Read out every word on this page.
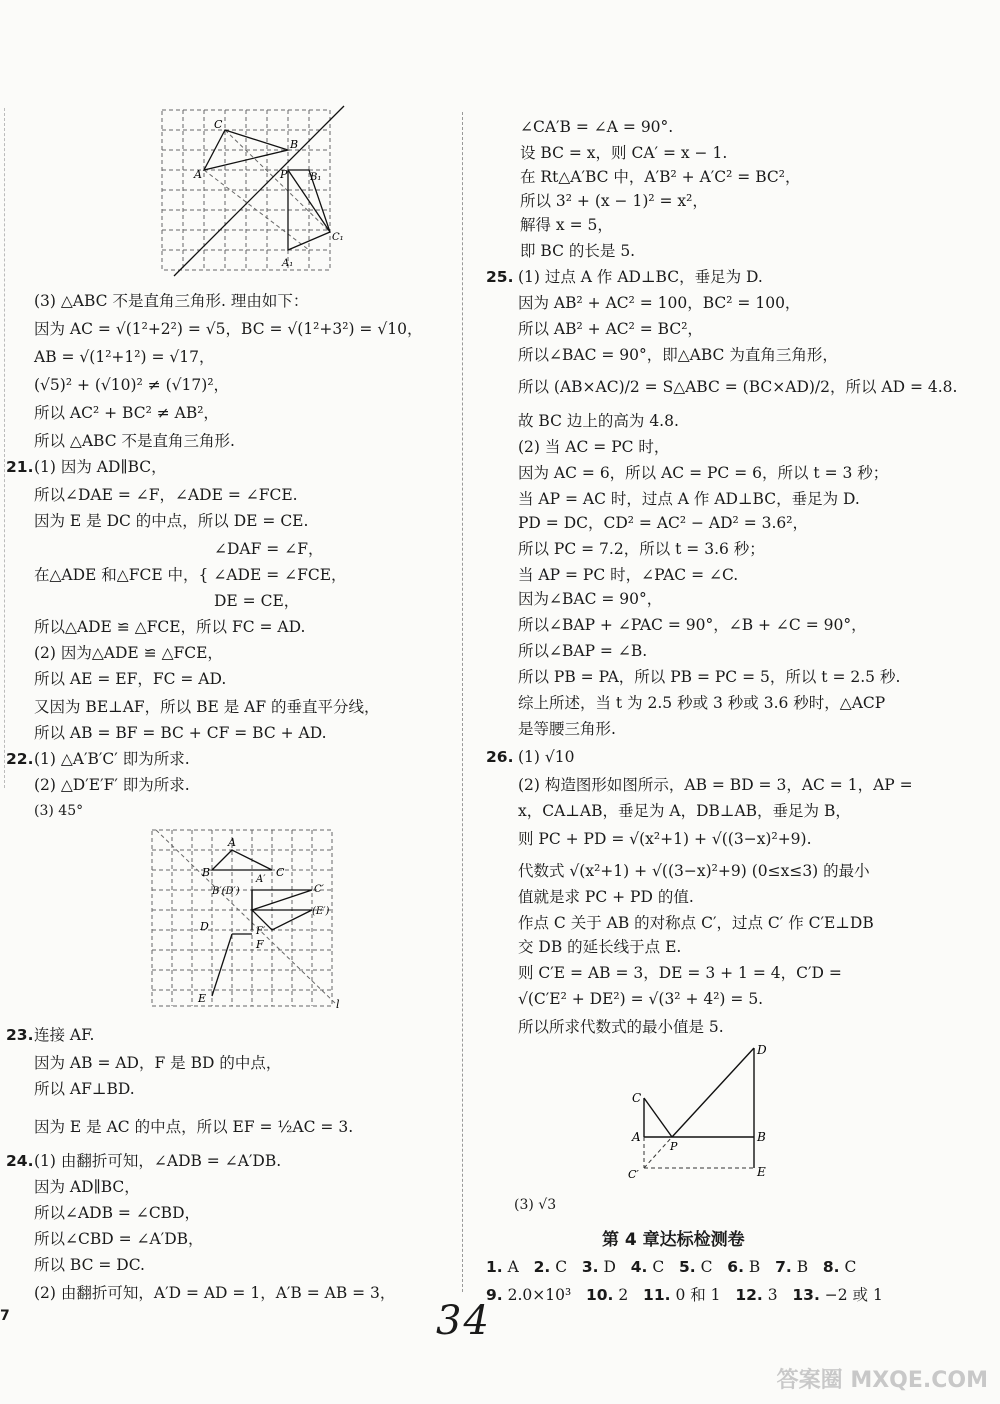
C
B
A	P B₁
C₁
A₁
(3) △ABC 不是直角三角形. 理由如下：
因为 AC = √(1²+2²) = √5，BC = √(1²+3²) = √10，
AB = √(1²+1²) = √17，
(√5)² + (√10)² ≠ (√17)²，
所以 AC² + BC² ≠ AB²，
所以 △ABC 不是直角三角形.
21. (1) 因为 AD∥BC，
所以∠DAE = ∠F，∠ADE = ∠FCE.
因为 E 是 DC 的中点，所以 DE = CE.
∠DAF = ∠F，
在△ADE 和△FCE 中，{ ∠ADE = ∠FCE，
DE = CE，
所以△ADE ≌ △FCE，所以 FC = AD.
(2) 因为△ADE ≌ △FCE，
所以 AE = EF，FC = AD.
又因为 BE⊥AF，所以 BE 是 AF 的垂直平分线，
所以 AB = BF = BC + CF = BC + AD.
22. (1) △A′B′C′ 即为所求.
(2) △D′E′F′ 即为所求.
(3) 45°
A
B
A′
C
B′(D′)	C′
(E′)
D	F′
F
E	l
23. 连接 AF.
因为 AB = AD，F 是 BD 的中点，
所以 AF⊥BD.
因为 E 是 AC 的中点，所以 EF = ½AC = 3.
24. (1) 由翻折可知，∠ADB = ∠A′DB.
因为 AD∥BC，
所以∠ADB = ∠CBD，
所以∠CBD = ∠A′DB，
所以 BC = DC.
(2) 由翻折可知，A′D = AD = 1，A′B = AB = 3，
∠CA′B = ∠A = 90°.
设 BC = x，则 CA′ = x − 1.
在 Rt△A′BC 中，A′B² + A′C² = BC²，
所以 3² + (x − 1)² = x²，
解得 x = 5，
即 BC 的长是 5.
25. (1) 过点 A 作 AD⊥BC，垂足为 D.
因为 AB² + AC² = 100，BC² = 100，
所以 AB² + AC² = BC²，
所以∠BAC = 90°，即△ABC 为直角三角形，
所以 (AB×AC)/2 = S△ABC = (BC×AD)/2，所以 AD = 4.8.
故 BC 边上的高为 4.8.
(2) 当 AC = PC 时，
因为 AC = 6，所以 AC = PC = 6，所以 t = 3 秒；
当 AP = AC 时，过点 A 作 AD⊥BC，垂足为 D.
PD = DC，CD² = AC² − AD² = 3.6²，
所以 PC = 7.2，所以 t = 3.6 秒；
当 AP = PC 时，∠PAC = ∠C.
因为∠BAC = 90°，
所以∠BAP + ∠PAC = 90°，∠B + ∠C = 90°，
所以∠BAP = ∠B.
所以 PB = PA，所以 PB = PC = 5，所以 t = 2.5 秒.
综上所述，当 t 为 2.5 秒或 3 秒或 3.6 秒时，△ACP
是等腰三角形.
26. (1) √10
(2) 构造图形如图所示，AB = BD = 3，AC = 1，AP =
x，CA⊥AB，垂足为 A，DB⊥AB，垂足为 B，
则 PC + PD = √(x²+1) + √((3−x)²+9).
代数式 √(x²+1) + √((3−x)²+9) (0≤x≤3) 的最小
值就是求 PC + PD 的值.
作点 C 关于 AB 的对称点 C′，过点 C′ 作 C′E⊥DB
交 DB 的延长线于点 E.
则 C′E = AB = 3，DE = 3 + 1 = 4，C′D =
√(C′E² + DE²) = √(3² + 4²) = 5.
所以所求代数式的最小值是 5.
D
C
A
P
B
C′	E
(3) √3
第 4 章达标检测卷
1. A 2. C 3. D 4. C 5. C 6. B 7. B 8. C
9. 2.0×10³ 10. 2 11. 0 和 1 12. 3 13. −2 或 1
7	34
答案圈 MXQE.COM
